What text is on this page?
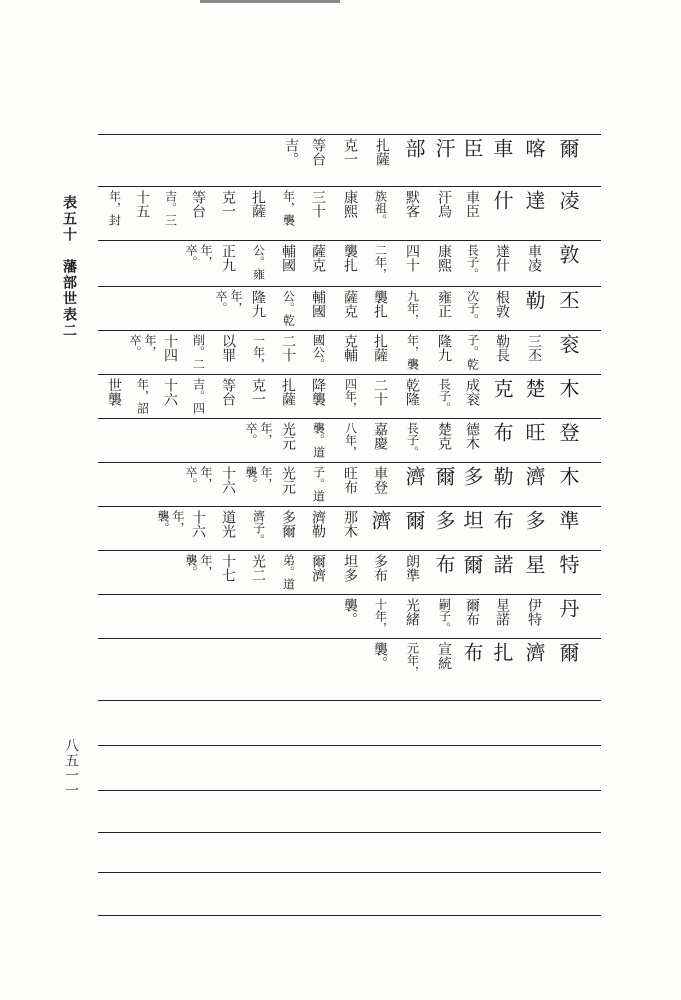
表五十　藩部世表二
八五一一
爾
喀
車
臣
汗
部
扎薩
克一
等台
吉。
凌
達
什
車臣
汗烏
默客
族祖。
康熙
三十
年，襲
扎薩
克一
等台
吉。三
十五
年，封
敦
車凌
達什
長子。
康熙
四十
二年，
襲扎
薩克
輔國
公。雍
正九
年，卒。
丕
勒
根敦
次子。
雍正
九年，
襲扎
薩克
輔國
公。乾
隆九
年，卒。
衮
三丕
勒長
子。乾
隆九
年，襲
扎薩
克輔
國公。
二十
一年，
以罪
削。二
十四
年，卒。
木
楚
克
成衮
長子。
乾隆
二十
四年，
降襲
扎薩
克一
等台
吉。四
十六
年，詔
世襲
登
旺
布
德木
楚克
長子。
嘉慶
八年，
襲。道
光元
年，卒。
木
濟
勒
多
爾
濟
車登
旺布
子。道
光元
年，襲。
十六
年，卒。
準
多
布
坦
多
爾
濟
那木
濟勒
多爾
濟子。
道光
十六
年，襲。
特
星
諾
爾
布
朗準
多布
坦多
爾濟
弟。道
光二
十七
年，襲。
丹
伊特
星諾
爾布
嗣子。
光緒
十年，
襲。
爾
濟
扎
布
宣統
元年，
襲。
